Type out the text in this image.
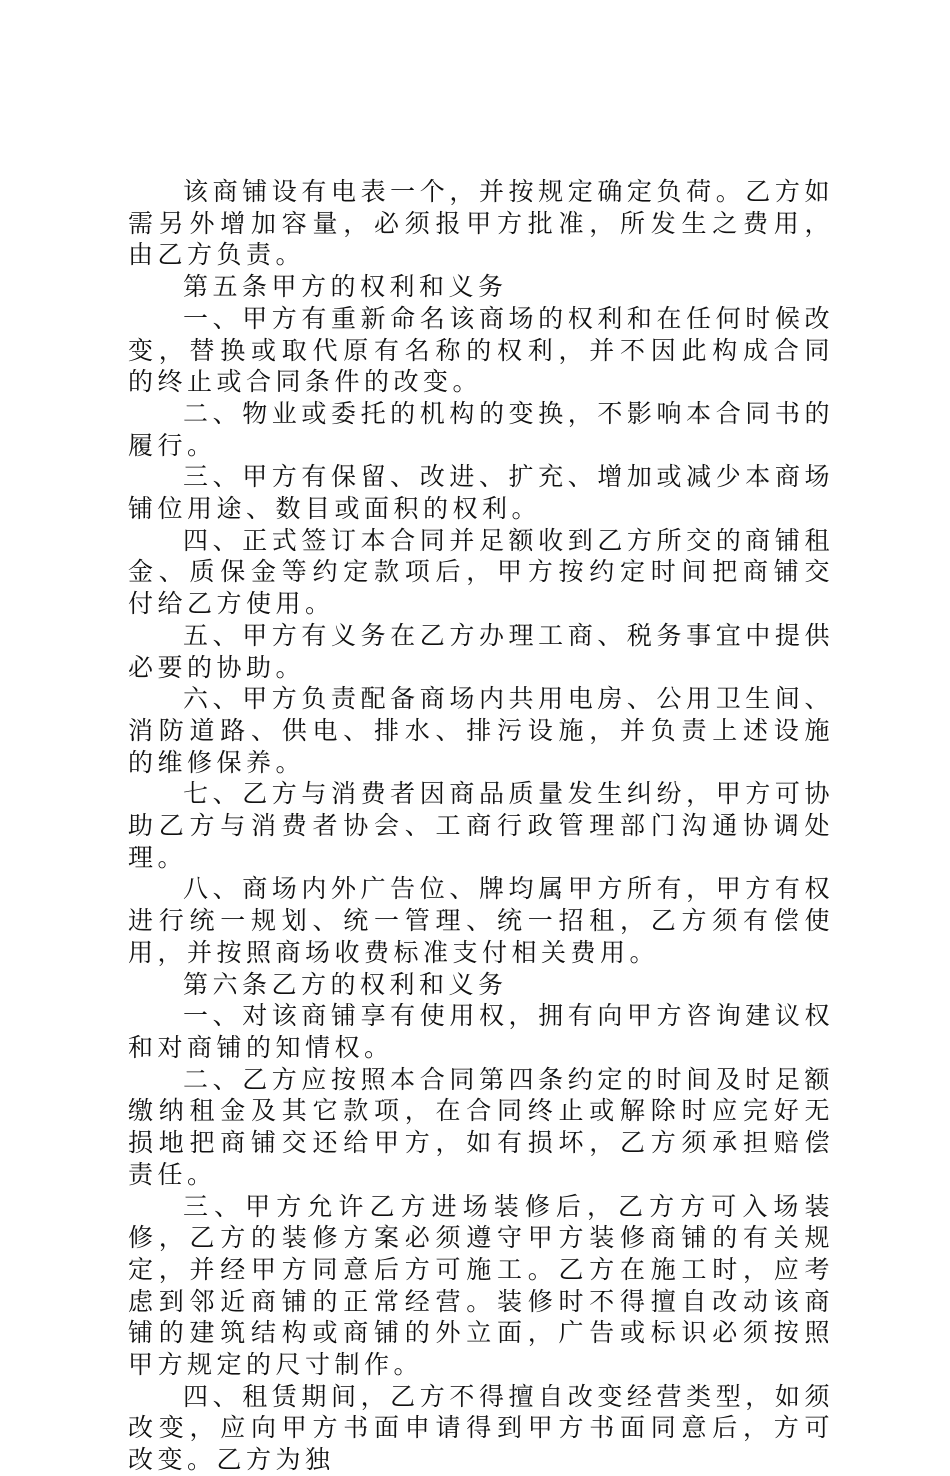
该商铺设有电表一个，并按规定确定负荷。乙方如需另外增加容量，必须报甲方批准，所发生之费用，由乙方负责。

第五条甲方的权利和义务

一、甲方有重新命名该商场的权利和在任何时候改变，替换或取代原有名称的权利，并不因此构成合同的终止或合同条件的改变。

二、物业或委托的机构的变换，不影响本合同书的履行。

三、甲方有保留、改进、扩充、增加或减少本商场铺位用途、数目或面积的权利。

四、正式签订本合同并足额收到乙方所交的商铺租金、质保金等约定款项后，甲方按约定时间把商铺交付给乙方使用。

五、甲方有义务在乙方办理工商、税务事宜中提供必要的协助。

六、甲方负责配备商场内共用电房、公用卫生间、消防道路、供电、排水、排污设施，并负责上述设施的维修保养。

七、乙方与消费者因商品质量发生纠纷，甲方可协助乙方与消费者协会、工商行政管理部门沟通协调处理。

八、商场内外广告位、牌均属甲方所有，甲方有权进行统一规划、统一管理、统一招租，乙方须有偿使用，并按照商场收费标准支付相关费用。

第六条乙方的权利和义务

一、对该商铺享有使用权，拥有向甲方咨询建议权和对商铺的知情权。

二、乙方应按照本合同第四条约定的时间及时足额缴纳租金及其它款项，在合同终止或解除时应完好无损地把商铺交还给甲方，如有损坏，乙方须承担赔偿责任。

三、甲方允许乙方进场装修后，乙方方可入场装修，乙方的装修方案必须遵守甲方装修商铺的有关规定，并经甲方同意后方可施工。乙方在施工时，应考虑到邻近商铺的正常经营。装修时不得擅自改动该商铺的建筑结构或商铺的外立面，广告或标识必须按照甲方规定的尺寸制作。

四、租赁期间，乙方不得擅自改变经营类型，如须改变，应向甲方书面申请得到甲方书面同意后，方可改变。乙方为独
